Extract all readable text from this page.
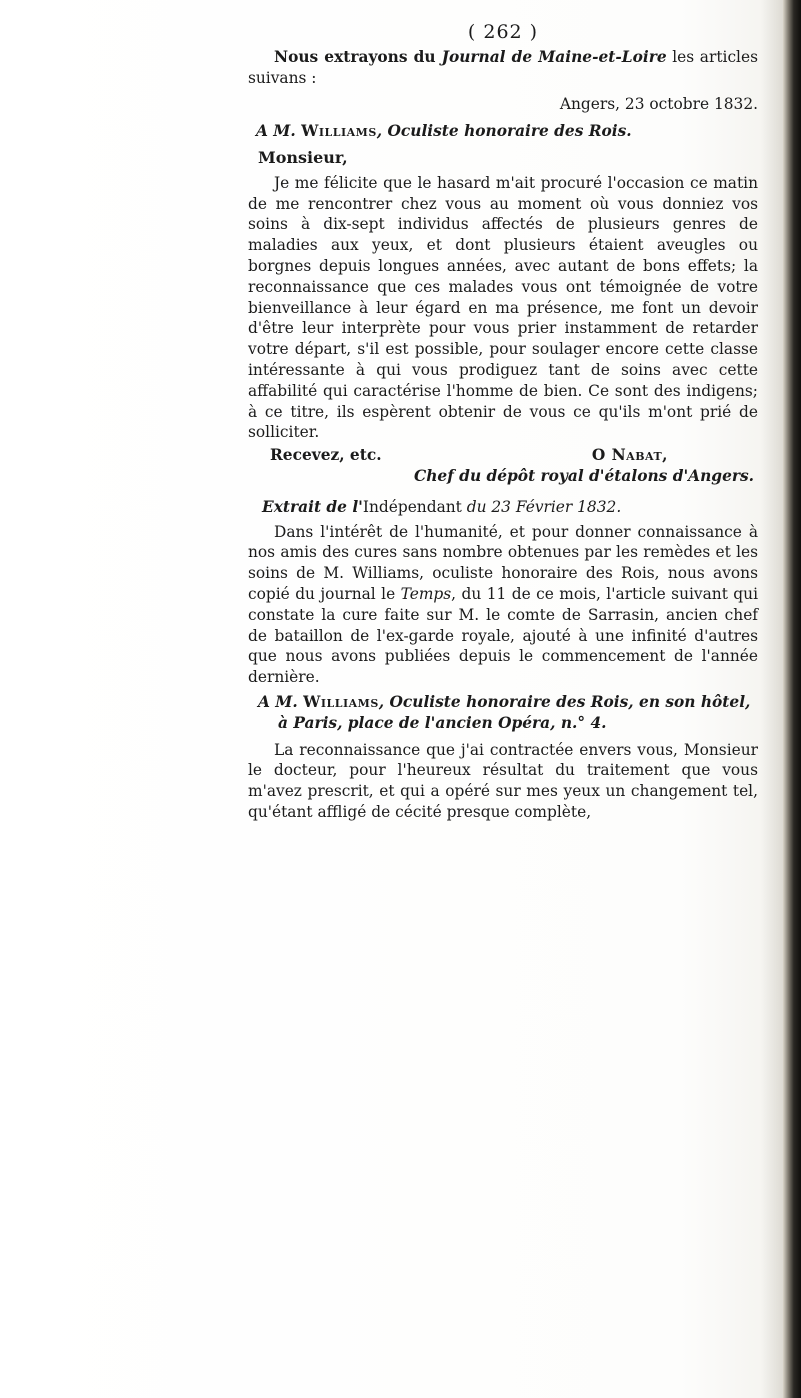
( 262 )

Nous extrayons du Journal de Maine-et-Loire les articles suivans :

Angers, 23 octobre 1832.

A M. Williams, Oculiste honoraire des Rois.

Monsieur,

Je me félicite que le hasard m'ait procuré l'occasion ce matin de me rencontrer chez vous au moment où vous donniez vos soins à dix-sept individus affectés de plusieurs genres de maladies aux yeux, et dont plusieurs étaient aveugles ou borgnes depuis longues années, avec autant de bons effets; la reconnaissance que ces malades vous ont témoignée de votre bienveillance à leur égard en ma présence, me font un devoir d'être leur interprète pour vous prier instamment de retarder votre départ, s'il est possible, pour soulager encore cette classe intéressante à qui vous prodiguez tant de soins avec cette affabilité qui caractérise l'homme de bien. Ce sont des indigens; à ce titre, ils espèrent obtenir de vous ce qu'ils m'ont prié de solliciter.

Recevez, etc.	O Nabat,

Chef du dépôt royal d'étalons d'Angers.

Extrait de l'Indépendant du 23 Février 1832.

Dans l'intérêt de l'humanité, et pour donner connaissance à nos amis des cures sans nombre obtenues par les remèdes et les soins de M. Williams, oculiste honoraire des Rois, nous avons copié du journal le Temps, du 11 de ce mois, l'article suivant qui constate la cure faite sur M. le comte de Sarrasin, ancien chef de bataillon de l'ex-garde royale, ajouté à une infinité d'autres que nous avons publiées depuis le commencement de l'année dernière.

A M. Williams, Oculiste honoraire des Rois, en son hôtel,

à Paris, place de l'ancien Opéra, n.° 4.

La reconnaissance que j'ai contractée envers vous, Monsieur le docteur, pour l'heureux résultat du traitement que vous m'avez prescrit, et qui a opéré sur mes yeux un changement tel, qu'étant affligé de cécité presque complète,
